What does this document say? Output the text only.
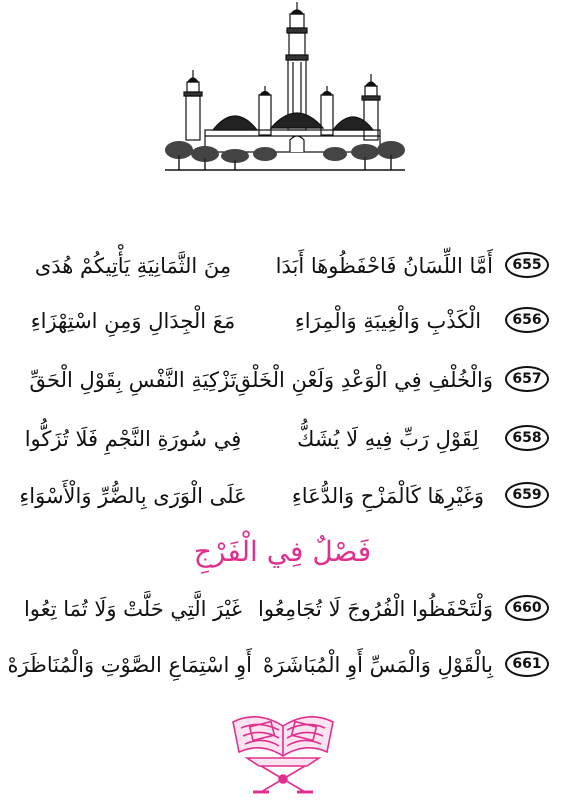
655
أَمَّا اللِّسَانُ فَاحْفَظُوهَا أَبَدَا
مِنَ الثَّمَانِيَةِ يَأْتِيكُمْ هُدَى
656
الْكَذْبِ وَالْغِيبَةِ وَالْمِرَاءِ
مَعَ الْجِدَالِ وَمِنِ اسْتِهْزَاءِ
657
وَالْخُلْفِ فِي الْوَعْدِ وَلَعْنِ الْخَلْقِ
تَزْكِيَةِ النَّفْسِ بِقَوْلِ الْحَقِّ
658
لِقَوْلِ رَبِّ فِيهِ لَا يُشَكُّ
فِي سُورَةِ النَّجْمِ فَلَا تُزَكُّوا
659
وَغَيْرِهَا كَالْمَزْحِ وَالدُّعَاءِ
عَلَى الْوَرَى بِالضُّرِّ وَالْأَسْوَاءِ
فَصْلٌ فِي الْفَرْجِ
660
وَلْتَحْفَظُوا الْفُرُوجَ لَا تُجَامِعُوا
غَيْرَ الَّتِي حَلَّتْ وَلَا تُمَا تِعُوا
661
بِالْقَوْلِ وَالْمَسِّ أَوِ الْمُبَاشَرَهْ
أَوِ اسْتِمَاعِ الصَّوْتِ وَالْمُنَاظَرَهْ
